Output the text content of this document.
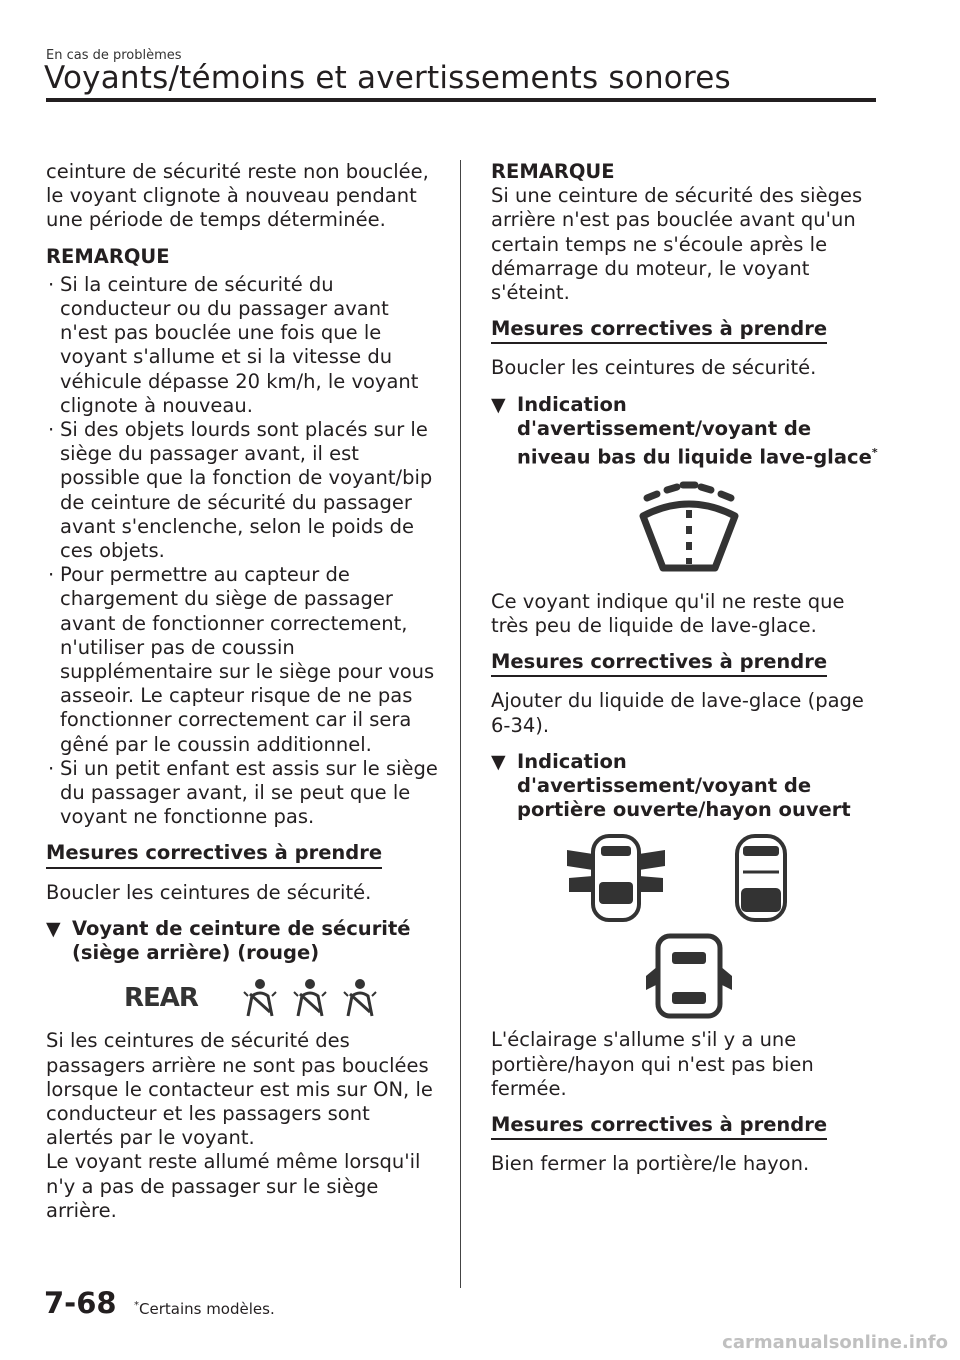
En cas de problèmes
Voyants/témoins et avertissements sonores

ceinture de sécurité reste non bouclée, le voyant clignote à nouveau pendant une période de temps déterminée.

REMARQUE

· Si la ceinture de sécurité du conducteur ou du passager avant n'est pas bouclée une fois que le voyant s'allume et si la vitesse du véhicule dépasse 20 km/h, le voyant clignote à nouveau.
· Si des objets lourds sont placés sur le siège du passager avant, il est possible que la fonction de voyant/bip de ceinture de sécurité du passager avant s'enclenche, selon le poids de ces objets.
· Pour permettre au capteur de chargement du siège de passager avant de fonctionner correctement, n'utiliser pas de coussin supplémentaire sur le siège pour vous asseoir. Le capteur risque de ne pas fonctionner correctement car il sera gêné par le coussin additionnel.
· Si un petit enfant est assis sur le siège du passager avant, il se peut que le voyant ne fonctionne pas.
Mesures correctives à prendre

Boucler les ceintures de sécurité.

▼ Voyant de ceinture de sécurité (siège arrière) (rouge)
REAR

Si les ceintures de sécurité des passagers arrière ne sont pas bouclées lorsque le contacteur est mis sur ON, le conducteur et les passagers sont alertés par le voyant.

Le voyant reste allumé même lorsqu'il n'y a pas de passager sur le siège arrière.

REMARQUE

Si une ceinture de sécurité des sièges arrière n'est pas bouclée avant qu'un certain temps ne s'écoule après le démarrage du moteur, le voyant s'éteint.

Mesures correctives à prendre

Boucler les ceintures de sécurité.

▼ Indication d'avertissement/voyant de niveau bas du liquide lave-glace*

Ce voyant indique qu'il ne reste que très peu de liquide de lave-glace.

Mesures correctives à prendre

Ajouter du liquide de lave-glace (page 6-34).

▼ Indication d'avertissement/voyant de portière ouverte/hayon ouvert

L'éclairage s'allume s'il y a une portière/hayon qui n'est pas bien fermée.

Mesures correctives à prendre

Bien fermer la portière/le hayon.

7-68 *Certains modèles.
carmanualsonline.info
